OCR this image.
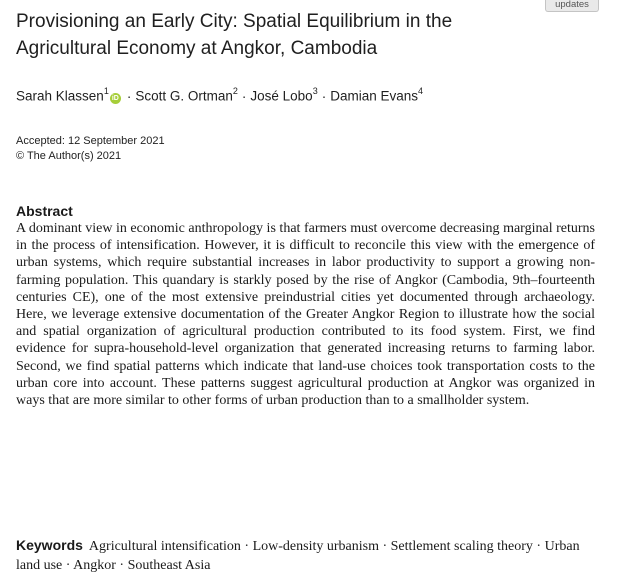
updates
Provisioning an Early City: Spatial Equilibrium in the Agricultural Economy at Angkor, Cambodia
Sarah Klassen$^1$iD · Scott G. Ortman$^2$ · José Lobo$^3$ · Damian Evans$^4$
Accepted: 12 September 2021
© The Author(s) 2021
Abstract

A dominant view in economic anthropology is that farmers must overcome decreasing marginal returns in the process of intensification. However, it is difficult to reconcile this view with the emergence of urban systems, which require substantial increases in labor productivity to support a growing non-farming population. This quandary is starkly posed by the rise of Angkor (Cambodia, 9th–fourteenth centuries CE), one of the most extensive preindustrial cities yet documented through archaeology. Here, we leverage extensive documentation of the Greater Angkor Region to illustrate how the social and spatial organization of agricultural production contributed to its food system. First, we find evidence for supra-household-level organization that generated increasing returns to farming labor. Second, we find spatial patterns which indicate that land-use choices took transportation costs to the urban core into account. These patterns suggest agricultural production at Angkor was organized in ways that are more similar to other forms of urban production than to a smallholder system.

Keywords Agricultural intensification · Low-density urbanism · Settlement scaling theory · Urban land use · Angkor · Southeast Asia
